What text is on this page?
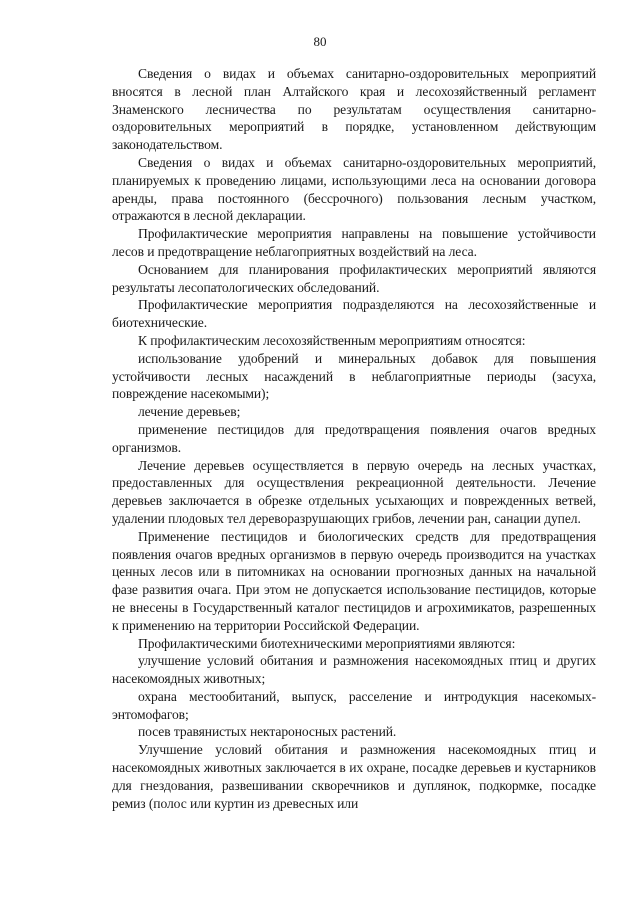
80

Сведения о видах и объемах санитарно-оздоровительных мероприятий вносятся в лесной план Алтайского края и лесохозяйственный регламент Знаменского лесничества по результатам осуществления санитарно-оздоровительных мероприятий в порядке, установленном действующим законодательством.

Сведения о видах и объемах санитарно-оздоровительных мероприятий, планируемых к проведению лицами, использующими леса на основании договора аренды, права постоянного (бессрочного) пользования лесным участком, отражаются в лесной декларации.

Профилактические мероприятия направлены на повышение устойчивости лесов и предотвращение неблагоприятных воздействий на леса.

Основанием для планирования профилактических мероприятий являются результаты лесопатологических обследований.

Профилактические мероприятия подразделяются на лесохозяйственные и биотехнические.

К профилактическим лесохозяйственным мероприятиям относятся:

использование удобрений и минеральных добавок для повышения устойчивости лесных насаждений в неблагоприятные периоды (засуха, повреждение насекомыми);

лечение деревьев;

применение пестицидов для предотвращения появления очагов вредных организмов.

Лечение деревьев осуществляется в первую очередь на лесных участках, предоставленных для осуществления рекреационной деятельности. Лечение деревьев заключается в обрезке отдельных усыхающих и поврежденных ветвей, удалении плодовых тел дереворазрушающих грибов, лечении ран, санации дупел.

Применение пестицидов и биологических средств для предотвращения появления очагов вредных организмов в первую очередь производится на участках ценных лесов или в питомниках на основании прогнозных данных на начальной фазе развития очага. При этом не допускается использование пестицидов, которые не внесены в Государственный каталог пестицидов и агрохимикатов, разрешенных к применению на территории Российской Федерации.

Профилактическими биотехническими мероприятиями являются:

улучшение условий обитания и размножения насекомоядных птиц и других насекомоядных животных;

охрана местообитаний, выпуск, расселение и интродукция насекомых-энтомофагов;

посев травянистых нектароносных растений.

Улучшение условий обитания и размножения насекомоядных птиц и насекомоядных животных заключается в их охране, посадке деревьев и кустарников для гнездования, развешивании скворечников и дуплянок, подкормке, посадке ремиз (полос или куртин из древесных или
